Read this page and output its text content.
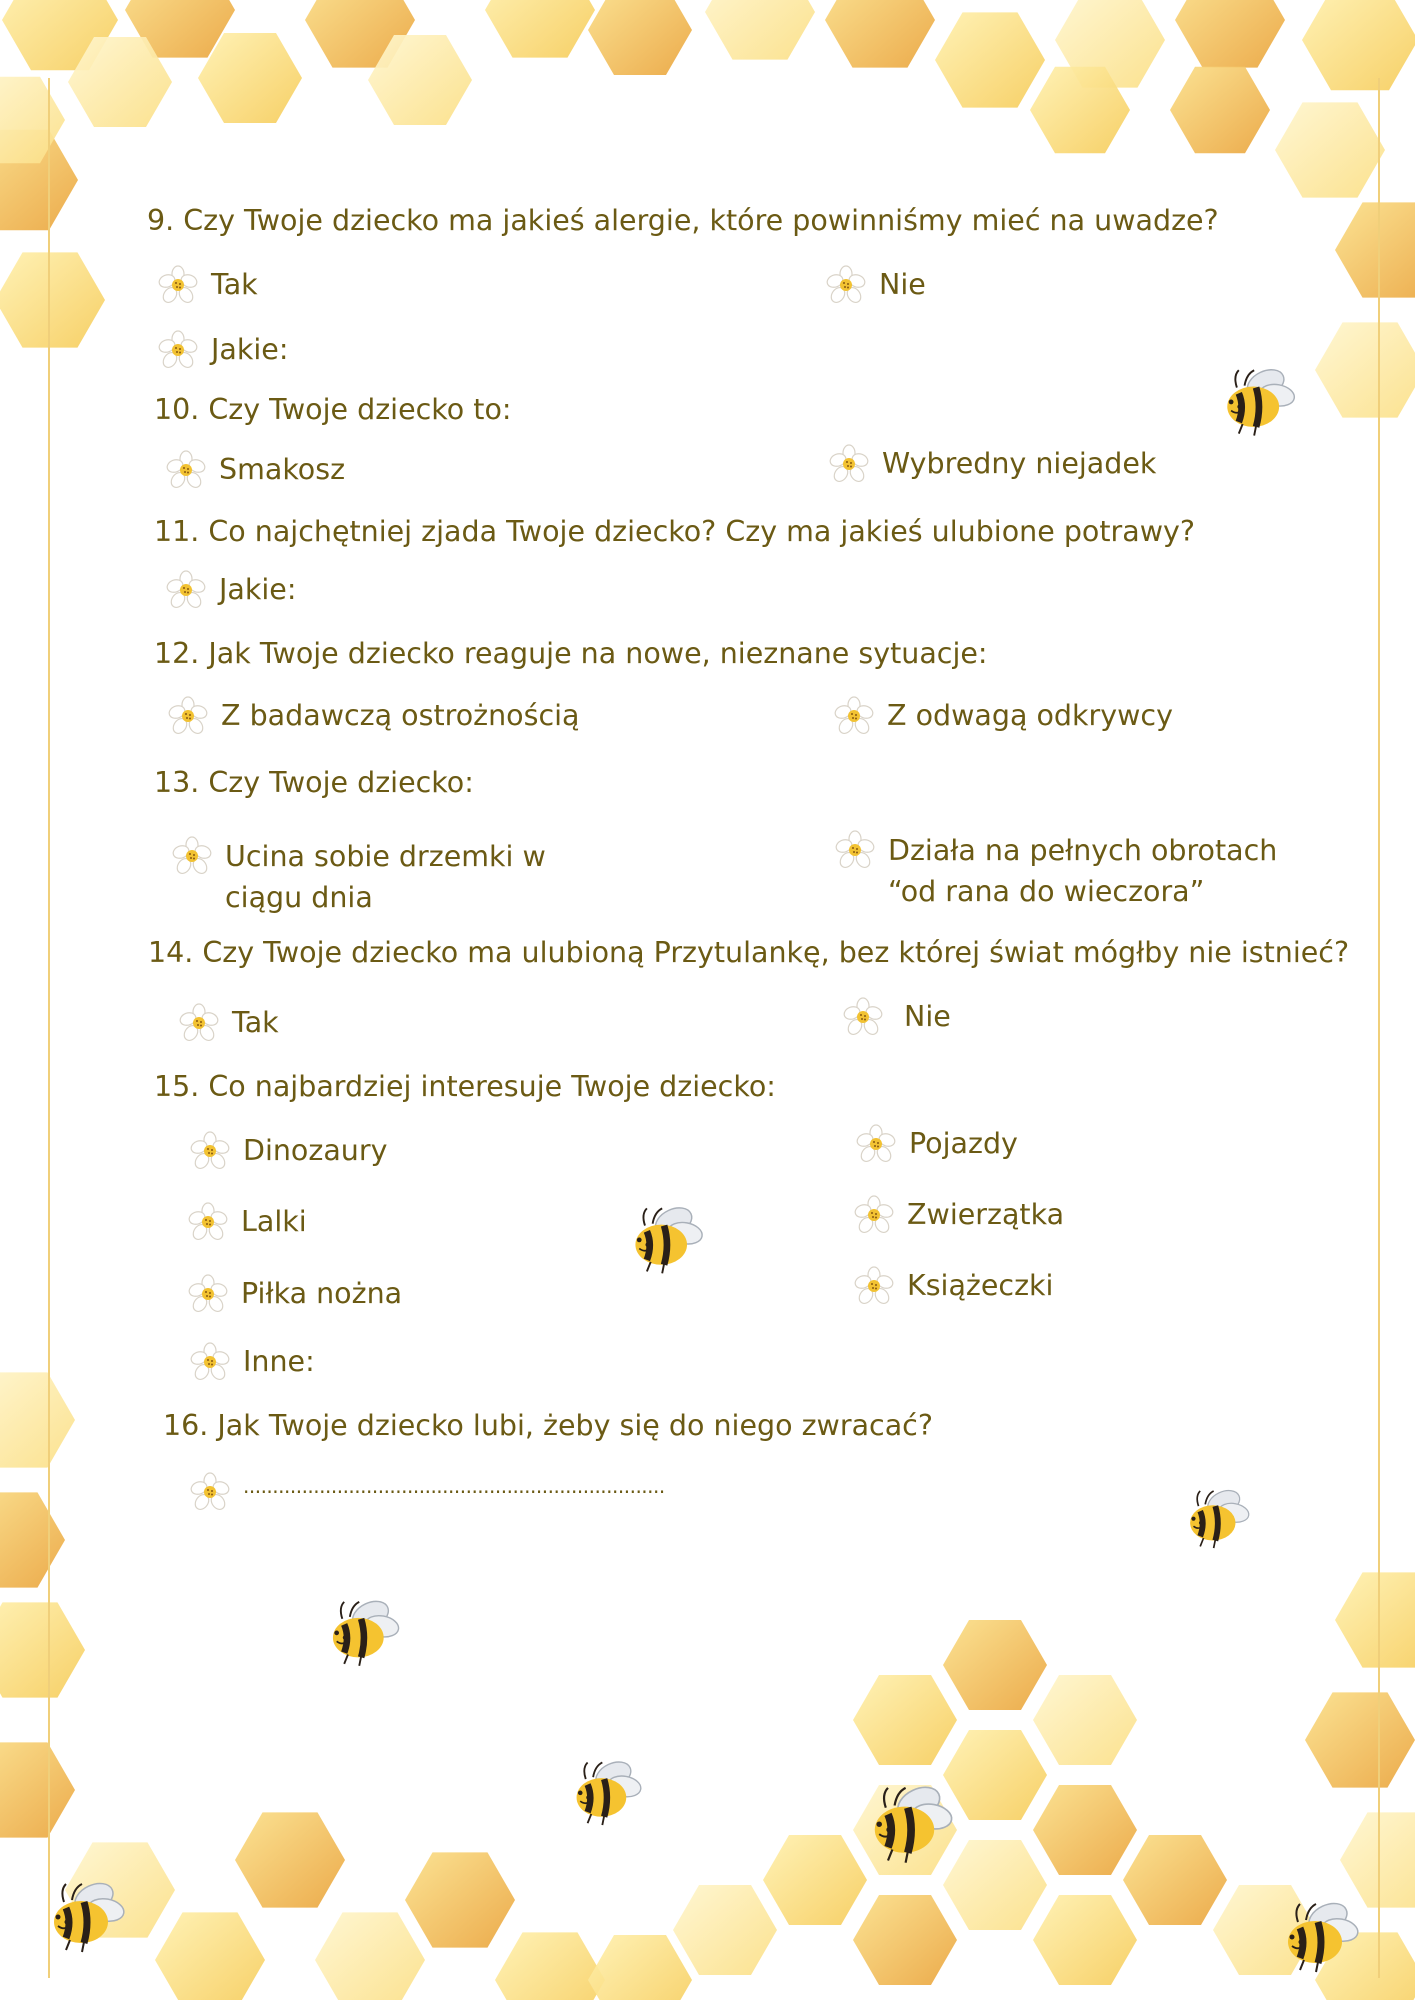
9. Czy Twoje dziecko ma jakieś alergie, które powinniśmy mieć na uwadze?
Tak	Nie
Jakie:
10. Czy Twoje dziecko to:
Smakosz	Wybredny niejadek
11. Co najchętniej zjada Twoje dziecko? Czy ma jakieś ulubione potrawy?
Jakie:
12. Jak Twoje dziecko reaguje na nowe, nieznane sytuacje:
Z badawczą ostrożnością	Z odwagą odkrywcy
13. Czy Twoje dziecko:
Ucina sobie drzemki w ciągu dnia
Działa na pełnych obrotach “od rana do wieczora”
14. Czy Twoje dziecko ma ulubioną Przytulankę, bez której świat mógłby nie istnieć?
Tak	Nie
15. Co najbardziej interesuje Twoje dziecko:
Dinozaury
Lalki
Piłka nożna
Inne:
Pojazdy
Zwierzątka
Książeczki
16. Jak Twoje dziecko lubi, żeby się do niego zwracać?
........................................................................
